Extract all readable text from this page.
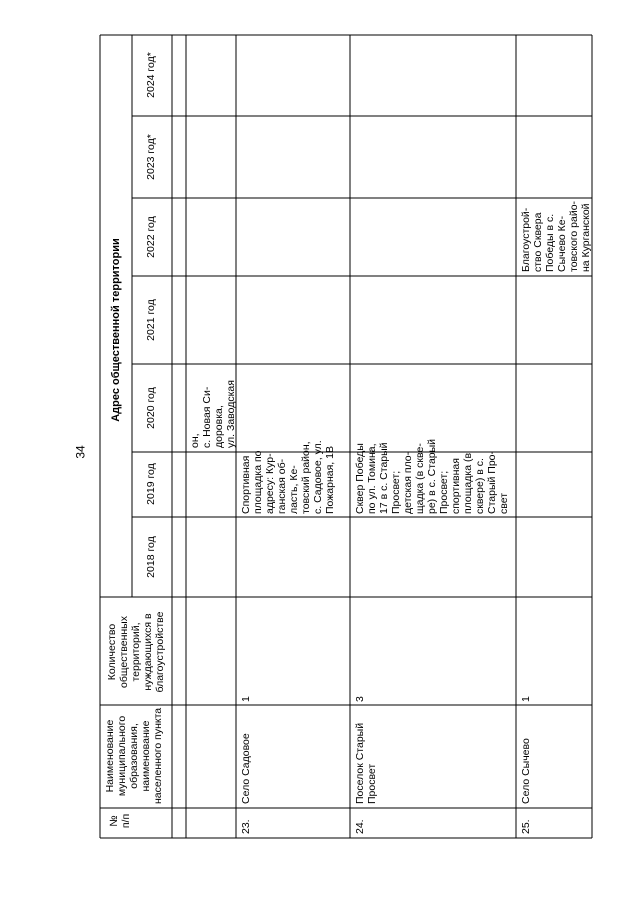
34
№ п/п
Наименование муниципального образования, наименование населенного пункта
Количество общественных территорий, нуждающихся в благоустройстве
Адрес общественной территории
2018 год
2019 год
2020 год
2021 год
2022 год
2023 год*
2024 год*
он, с. Новая Си- доровка, ул. Заводская
23.
Село Садовое
1
Спортивная площадка по адресу: Кур- ганская об- ласть, Ке- товский район, с. Садовое, ул. Пожарная, 1В
24.
Поселок Старый Просвет
3
Сквер Победы по ул. Томина, 17 в с. Старый Просвет; детская пло- щадка (в скве- ре) в с. Старый Просвет; спортивная площадка (в сквере) в с. Старый Про- свет
25.
Село Сычево
1
Благоустрой- ство Сквера Победы в с. Сычево Ке- товского райо- на Курганской
